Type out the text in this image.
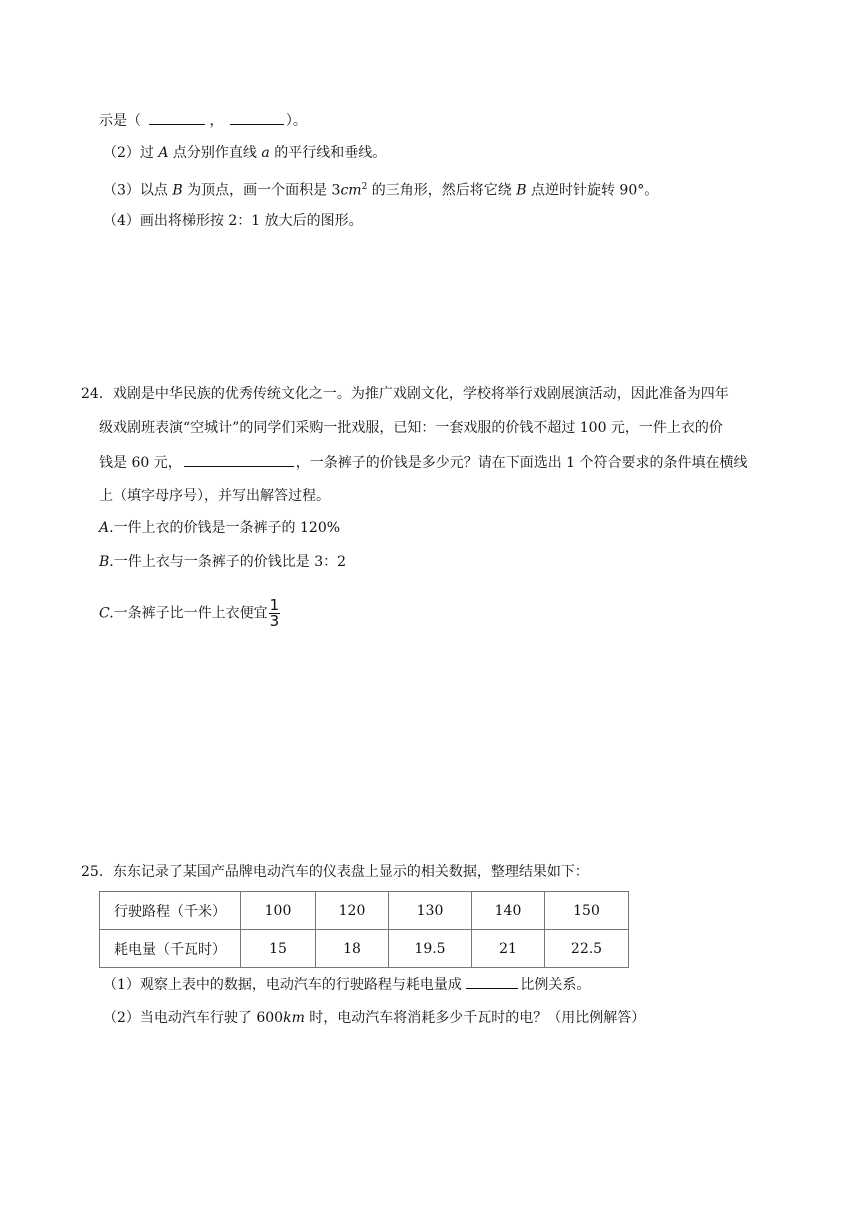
示是（	，	）。
（2）过 A 点分别作直线 a 的平行线和垂线。
（3）以点 B 为顶点，画一个面积是 $3cm^2$ 的三角形，然后将它绕 B 点逆时针旋转 90°。
（4）画出将梯形按 2：1 放大后的图形。
24．戏剧是中华民族的优秀传统文化之一。为推广戏剧文化，学校将举行戏剧展演活动，因此准备为四年
级戏剧班表演“空城计”的同学们采购一批戏服，已知：一套戏服的价钱不超过 100 元，一件上衣的价
钱是 60 元，	，一条裤子的价钱是多少元？请在下面选出 1 个符合要求的条件填在横线
上（填字母序号），并写出解答过程。
A.一件上衣的价钱是一条裤子的 120%
B.一件上衣与一条裤子的价钱比是 3：2
C.一条裤子比一件上衣便宜 $\frac{1}{3}$
25．东东记录了某国产品牌电动汽车的仪表盘上显示的相关数据，整理结果如下：
行驶路程（千米）	100	120	130	140	150
耗电量（千瓦时）	15	18	19.5	21	22.5
（1）观察上表中的数据，电动汽车的行驶路程与耗电量成	比例关系。
（2）当电动汽车行驶了 600km 时，电动汽车将消耗多少千瓦时的电？（用比例解答）
